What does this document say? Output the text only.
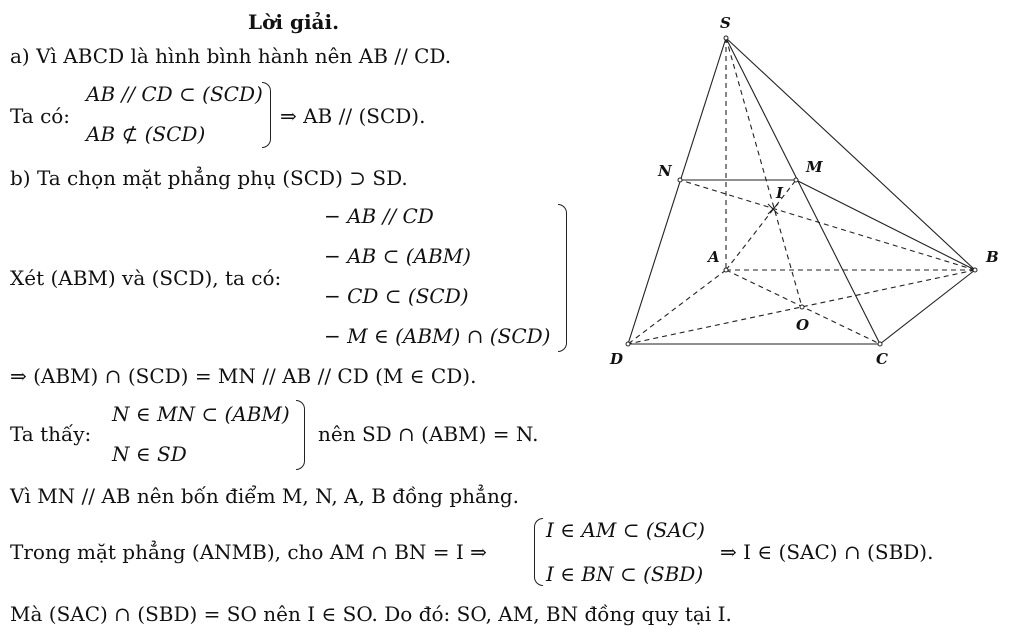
Lời giải.
a) Vì ABCD là hình bình hành nên AB // CD.
Ta có:
AB // CD ⊂ (SCD)
AB ⊄ (SCD)
⇒ AB // (SCD).
b) Ta chọn mặt phẳng phụ (SCD) ⊃ SD.
Xét (ABM) và (SCD), ta có:
− AB // CD
− AB ⊂ (ABM)
− CD ⊂ (SCD)
− M ∈ (ABM) ∩ (SCD)
⇒ (ABM) ∩ (SCD) = MN // AB // CD (M ∈ CD).
Ta thấy:
N ∈ MN ⊂ (ABM)
N ∈ SD
nên SD ∩ (ABM) = N.
Vì MN // AB nên bốn điểm M, N, A, B đồng phẳng.
Trong mặt phẳng (ANMB), cho AM ∩ BN = I ⇒
I ∈ AM ⊂ (SAC)
I ∈ BN ⊂ (SBD)
⇒ I ∈ (SAC) ∩ (SBD).
Mà (SAC) ∩ (SBD) = SO nên I ∈ SO. Do đó: SO, AM, BN đồng quy tại I.
S
N	M
I
A	B
O
D	C
